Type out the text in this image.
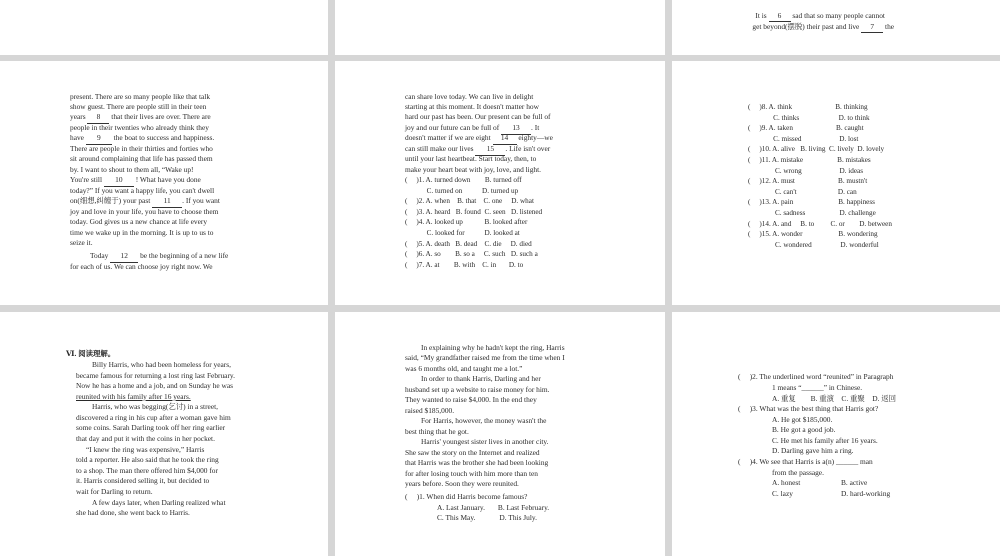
It is 6 sad that so many people cannot

get beyond(摆脱) their past and live 7 the

present. There are so many people like that talk
show guest. There are people still in their teen
years 8 that their lives are over. There are
people in their twenties who already think they
have 9 the boat to success and happiness.
There are people in their thirties and forties who
sit around complaining that life has passed them
by. I want to shout to them all, “Wake up!
You're still 10 ! What have you done
today?” If you want a happy life, you can't dwell
on(细想,纠缠于) your past 11 . If you want
joy and love in your life, you have to choose them
today. God gives us a new chance at life every
time we wake up in the morning. It is up to us to
seize it.
Today 12 be the beginning of a new life
for each of us. We can choose joy right now. We
can share love today. We can live in delight
starting at this moment. It doesn't matter how
hard our past has been. Our present can be full of
joy and our future can be full of 13 . It
doesn't matter if we are eight 14 eighty—we
can still make our lives 15 . Life isn't over
until your last heartbeat. Start today, then, to
make your heart beat with joy, love, and light.
(     )1. A. turned down        B. turned off
C. turned on           D. turned up
(     )2. A. when    B. that    C. one     D. what
(     )3. A. heard   B. found  C. seen   D. listened
(     )4. A. looked up            B. looked after
C. looked for           D. looked at
(     )5. A. death   B. dead    C. die     D. died
(     )6. A. so        B. so a     C. such   D. such a
(     )7. A. at        B. with    C. in       D. to
(     )8. A. think                        B. thinking
C. thinks                      D. to think
(     )9. A. taken                        B. caught
C. missed                     D. lost
(     )10. A. alive   B. living  C. lively  D. lovely
(     )11. A. mistake                   B. mistakes
C. wrong                     D. ideas
(     )12. A. must                        B. mustn't
C. can't                       D. can
(     )13. A. pain                         B. happiness
C. sadness                   D. challenge
(     )14. A. and     B. to         C. or        D. between
(     )15. A. wonder                    B. wondering
C. wondered                D. wonderful
Ⅵ. 阅读理解。
Billy Harris, who had been homeless for years,
became famous for returning a lost ring last February.
Now he has a home and a job, and on Sunday he was
reunited with his family after 16 years.
Harris, who was begging(乞讨) in a street,
discovered a ring in his cup after a woman gave him
some coins. Sarah Darling took off her ring earlier
that day and put it with the coins in her pocket.
“I knew the ring was expensive,” Harris
told a reporter. He also said that he took the ring
to a shop. The man there offered him $4,000 for
it. Harris considered selling it, but decided to
wait for Darling to return.
A few days later, when Darling realized what
she had done, she went back to Harris.
In explaining why he hadn't kept the ring, Harris
said, “My grandfather raised me from the time when I
was 6 months old, and taught me a lot.”
In order to thank Harris, Darling and her
husband set up a website to raise money for him.
They wanted to raise $4,000. In the end they
raised $185,000.
For Harris, however, the money wasn't the
best thing that he got.
Harris' youngest sister lives in another city.
She saw the story on the Internet and realized
that Harris was the brother she had been looking
for after losing touch with him more than ten
years before. Soon they were reunited.
(     )1. When did Harris become famous?
A. Last January.       B. Last February.
C. This May.             D. This July.
(     )2. The underlined word “reunited” in Paragraph
1 means “______” in Chinese.
A. 重复        B. 重演    C. 重聚    D. 返回
(     )3. What was the best thing that Harris got?
A. He got $185,000.
B. He got a good job.
C. He met his family after 16 years.
D. Darling gave him a ring.
(     )4. We see that Harris is a(n) ______ man
from the passage.
A. honest                      B. active
C. lazy                          D. hard-working
